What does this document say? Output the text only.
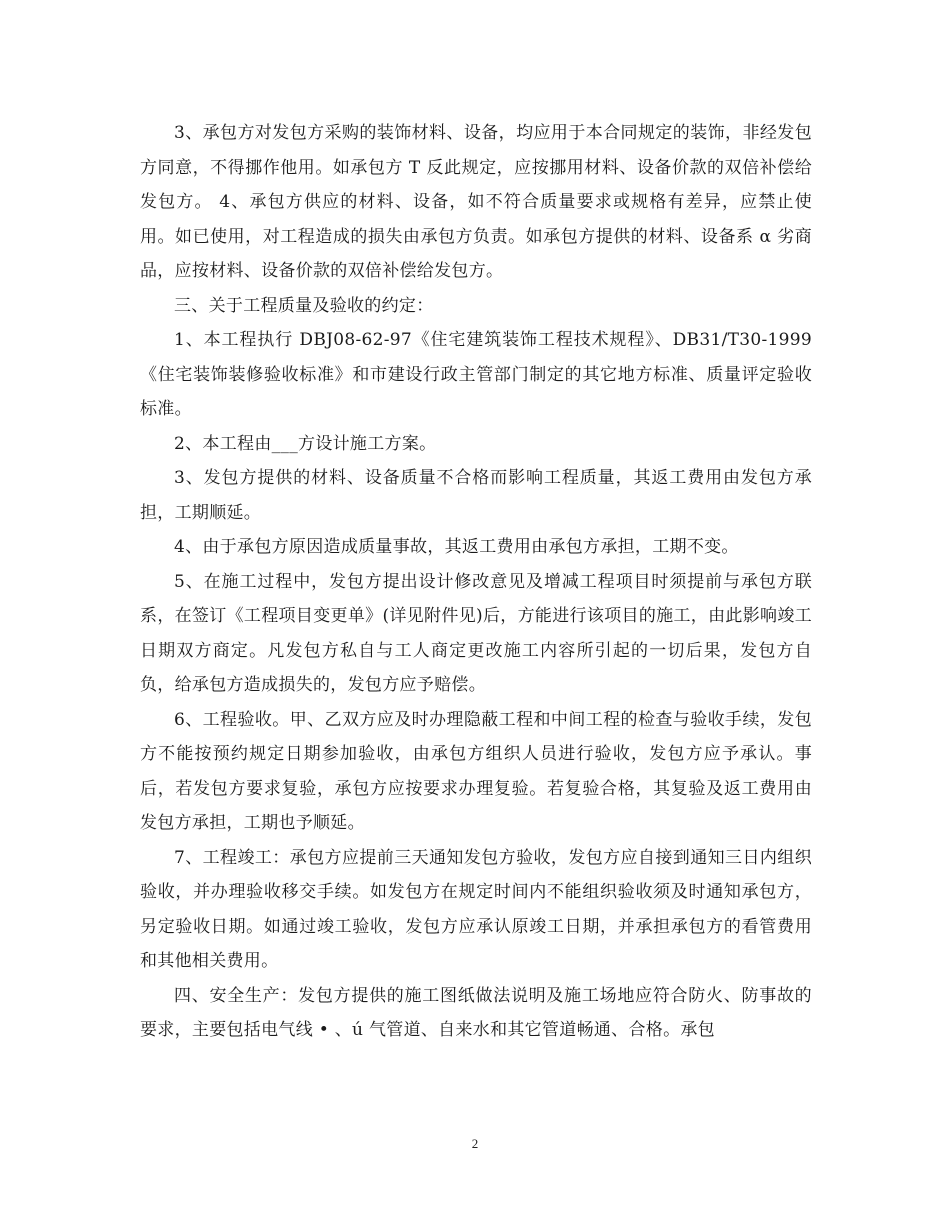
3、承包方对发包方采购的装饰材料、设备，均应用于本合同规定的装饰，非经发包方同意，不得挪作他用。如承包方 T 反此规定，应按挪用材料、设备价款的双倍补偿给发包方。 4、承包方供应的材料、设备，如不符合质量要求或规格有差异，应禁止使用。如已使用，对工程造成的损失由承包方负责。如承包方提供的材料、设备系 α 劣商品，应按材料、设备价款的双倍补偿给发包方。

三、关于工程质量及验收的约定：

1、本工程执行 DBJ08-62-97《住宅建筑装饰工程技术规程》、DB31/T30-1999《住宅装饰装修验收标准》和市建设行政主管部门制定的其它地方标准、质量评定验收标准。

2、本工程由___方设计施工方案。

3、发包方提供的材料、设备质量不合格而影响工程质量，其返工费用由发包方承担，工期顺延。

4、由于承包方原因造成质量事故，其返工费用由承包方承担，工期不变。

5、在施工过程中，发包方提出设计修改意见及增减工程项目时须提前与承包方联系，在签订《工程项目变更单》(详见附件见)后，方能进行该项目的施工，由此影响竣工日期双方商定。凡发包方私自与工人商定更改施工内容所引起的一切后果，发包方自负，给承包方造成损失的，发包方应予赔偿。

6、工程验收。甲、乙双方应及时办理隐蔽工程和中间工程的检查与验收手续，发包方不能按预约规定日期参加验收，由承包方组织人员进行验收，发包方应予承认。事后，若发包方要求复验，承包方应按要求办理复验。若复验合格，其复验及返工费用由发包方承担，工期也予顺延。

7、工程竣工：承包方应提前三天通知发包方验收，发包方应自接到通知三日内组织验收，并办理验收移交手续。如发包方在规定时间内不能组织验收须及时通知承包方，另定验收日期。如通过竣工验收，发包方应承认原竣工日期，并承担承包方的看管费用和其他相关费用。

四、安全生产：发包方提供的施工图纸做法说明及施工场地应符合防火、防事故的要求，主要包括电气线 • 、ú 气管道、自来水和其它管道畅通、合格。承包

2
